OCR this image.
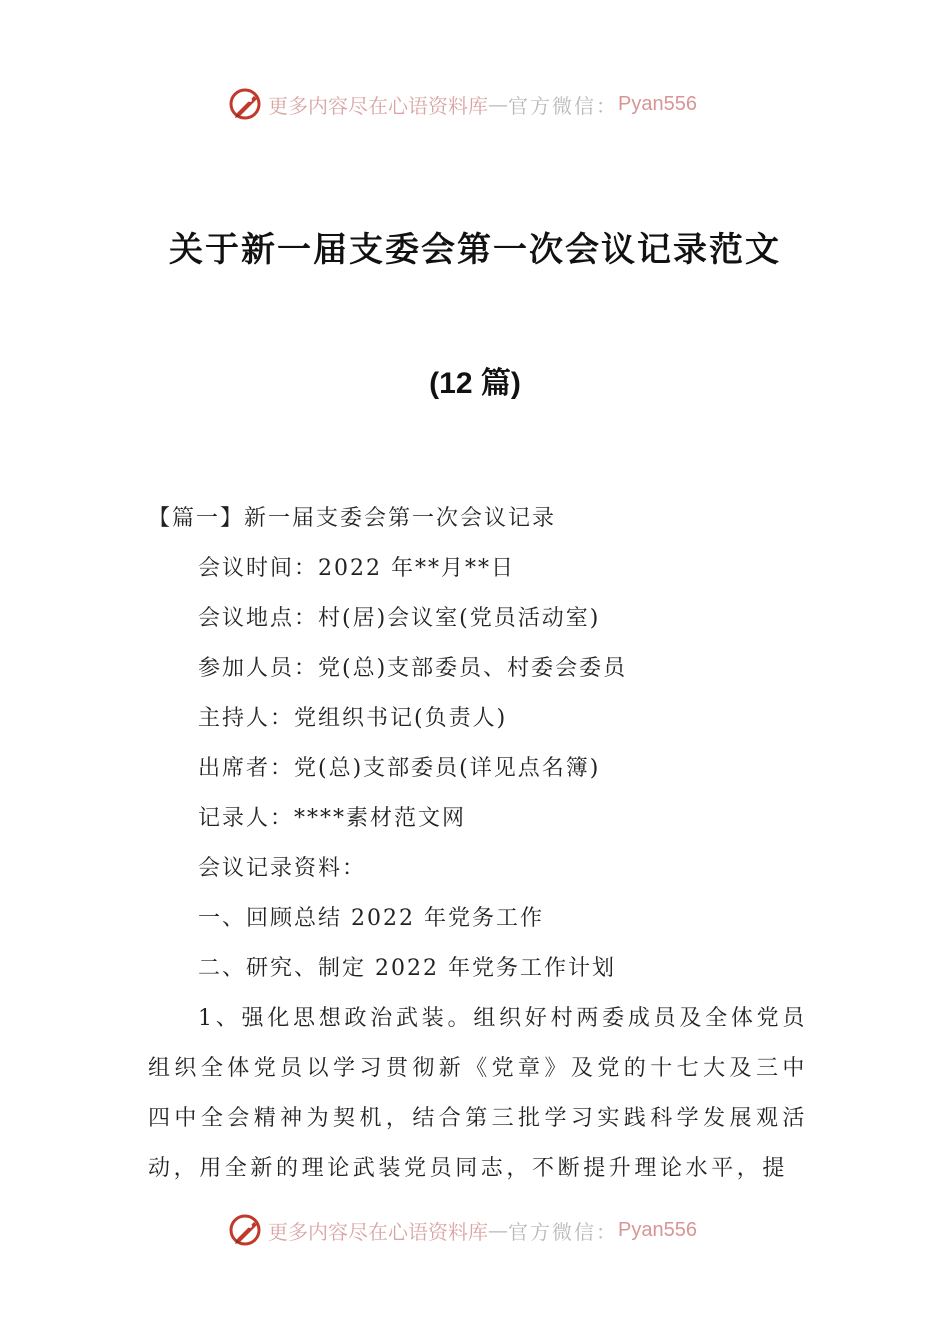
更多内容尽在心语资料库 — 官方微信： Pyan556
关于新一届支委会第一次会议记录范文
(12 篇)

【篇一】新一届支委会第一次会议记录

会议时间：2022 年**月**日

会议地点：村(居)会议室(党员活动室)

参加人员：党(总)支部委员、村委会委员

主持人：党组织书记(负责人)

出席者：党(总)支部委员(详见点名簿)

记录人：****素材范文网

会议记录资料：

一、回顾总结 2022 年党务工作

二、研究、制定 2022 年党务工作计划

1、强化思想政治武装。组织好村两委成员及全体党员组织全体党员以学习贯彻新《党章》及党的十七大及三中四中全会精神为契机，结合第三批学习实践科学发展观活动，用全新的理论武装党员同志，不断提升理论水平，提

更多内容尽在心语资料库 — 官方微信： Pyan556
